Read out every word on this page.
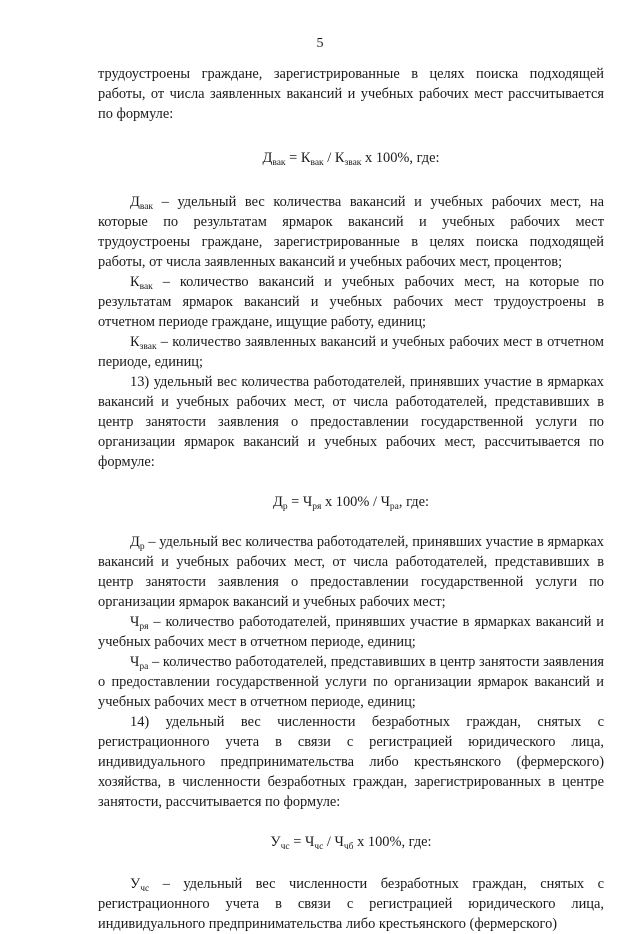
5

трудоустроены граждане, зарегистрированные в целях поиска подходящей работы, от числа заявленных вакансий и учебных рабочих мест рассчитывается по формуле:

$Д_{вак} = К_{вак} / К_{звак}$ х 100%, где:

$Д_{вак}$ – удельный вес количества вакансий и учебных рабочих мест, на которые по результатам ярмарок вакансий и учебных рабочих мест трудоустроены граждане, зарегистрированные в целях поиска подходящей работы, от числа заявленных вакансий и учебных рабочих мест, процентов;

$К_{вак}$ – количество вакансий и учебных рабочих мест, на которые по результатам ярмарок вакансий и учебных рабочих мест трудоустроены в отчетном периоде граждане, ищущие работу, единиц;

$К_{звак}$ – количество заявленных вакансий и учебных рабочих мест в отчетном периоде, единиц;

13) удельный вес количества работодателей, принявших участие в ярмарках вакансий и учебных рабочих мест, от числа работодателей, представивших в центр занятости заявления о предоставлении государственной услуги по организации ярмарок вакансий и учебных рабочих мест, рассчитывается по формуле:

$Д_р = Ч_{ря}$ х $100\% / Ч_{ра}$, где:

$Д_р$ – удельный вес количества работодателей, принявших участие в ярмарках вакансий и учебных рабочих мест, от числа работодателей, представивших в центр занятости заявления о предоставлении государственной услуги по организации ярмарок вакансий и учебных рабочих мест;

$Ч_{ря}$ – количество работодателей, принявших участие в ярмарках вакансий и учебных рабочих мест в отчетном периоде, единиц;

$Ч_{ра}$ – количество работодателей, представивших в центр занятости заявления о предоставлении государственной услуги по организации ярмарок вакансий и учебных рабочих мест в отчетном периоде, единиц;

14) удельный вес численности безработных граждан, снятых с регистрационного учета в связи с регистрацией юридического лица, индивидуального предпринимательства либо крестьянского (фермерского) хозяйства, в численности безработных граждан, зарегистрированных в центре занятости, рассчитывается по формуле:

$У_{чс} = Ч_{чс} / Ч_{чб}$ х 100%, где:

$У_{чс}$ – удельный вес численности безработных граждан, снятых с регистрационного учета в связи с регистрацией юридического лица, индивидуального предпринимательства либо крестьянского (фермерского)
